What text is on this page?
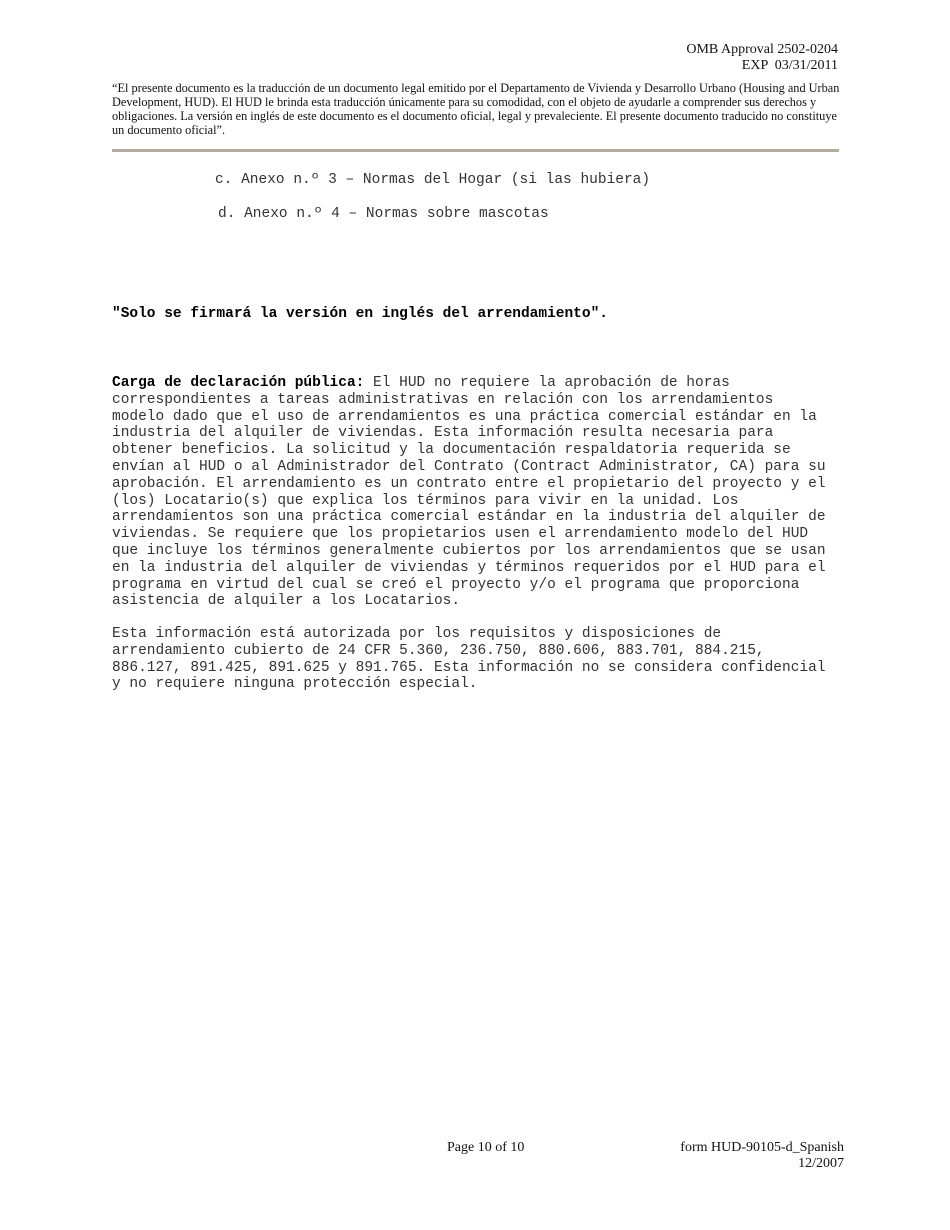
OMB Approval 2502-0204
EXP  03/31/2011

“El presente documento es la traducción de un documento legal emitido por el Departamento de Vivienda y Desarrollo Urbano (Housing and Urban Development, HUD). El HUD le brinda esta traducción únicamente para su comodidad, con el objeto de ayudarle a comprender sus derechos y obligaciones. La versión en inglés de este documento es el documento oficial, legal y prevaleciente. El presente documento traducido no constituye un documento oficial”.

c. Anexo n.º 3 – Normas del Hogar (si las hubiera)

d. Anexo n.º 4 – Normas sobre mascotas

"Solo se firmará la versión en inglés del arrendamiento".

Carga de declaración pública: El HUD no requiere la aprobación de horas
correspondientes a tareas administrativas en relación con los arrendamientos
modelo dado que el uso de arrendamientos es una práctica comercial estándar en la
industria del alquiler de viviendas. Esta información resulta necesaria para
obtener beneficios. La solicitud y la documentación respaldatoria requerida se
envían al HUD o al Administrador del Contrato (Contract Administrator, CA) para su
aprobación. El arrendamiento es un contrato entre el propietario del proyecto y el
(los) Locatario(s) que explica los términos para vivir en la unidad. Los
arrendamientos son una práctica comercial estándar en la industria del alquiler de
viviendas. Se requiere que los propietarios usen el arrendamiento modelo del HUD
que incluye los términos generalmente cubiertos por los arrendamientos que se usan
en la industria del alquiler de viviendas y términos requeridos por el HUD para el
programa en virtud del cual se creó el proyecto y/o el programa que proporciona
asistencia de alquiler a los Locatarios.
Esta información está autorizada por los requisitos y disposiciones de
arrendamiento cubierto de 24 CFR 5.360, 236.750, 880.606, 883.701, 884.215,
886.127, 891.425, 891.625 y 891.765. Esta información no se considera confidencial
y no requiere ninguna protección especial.
Page 10 of 10	form HUD-90105-d_Spanish
12/2007
